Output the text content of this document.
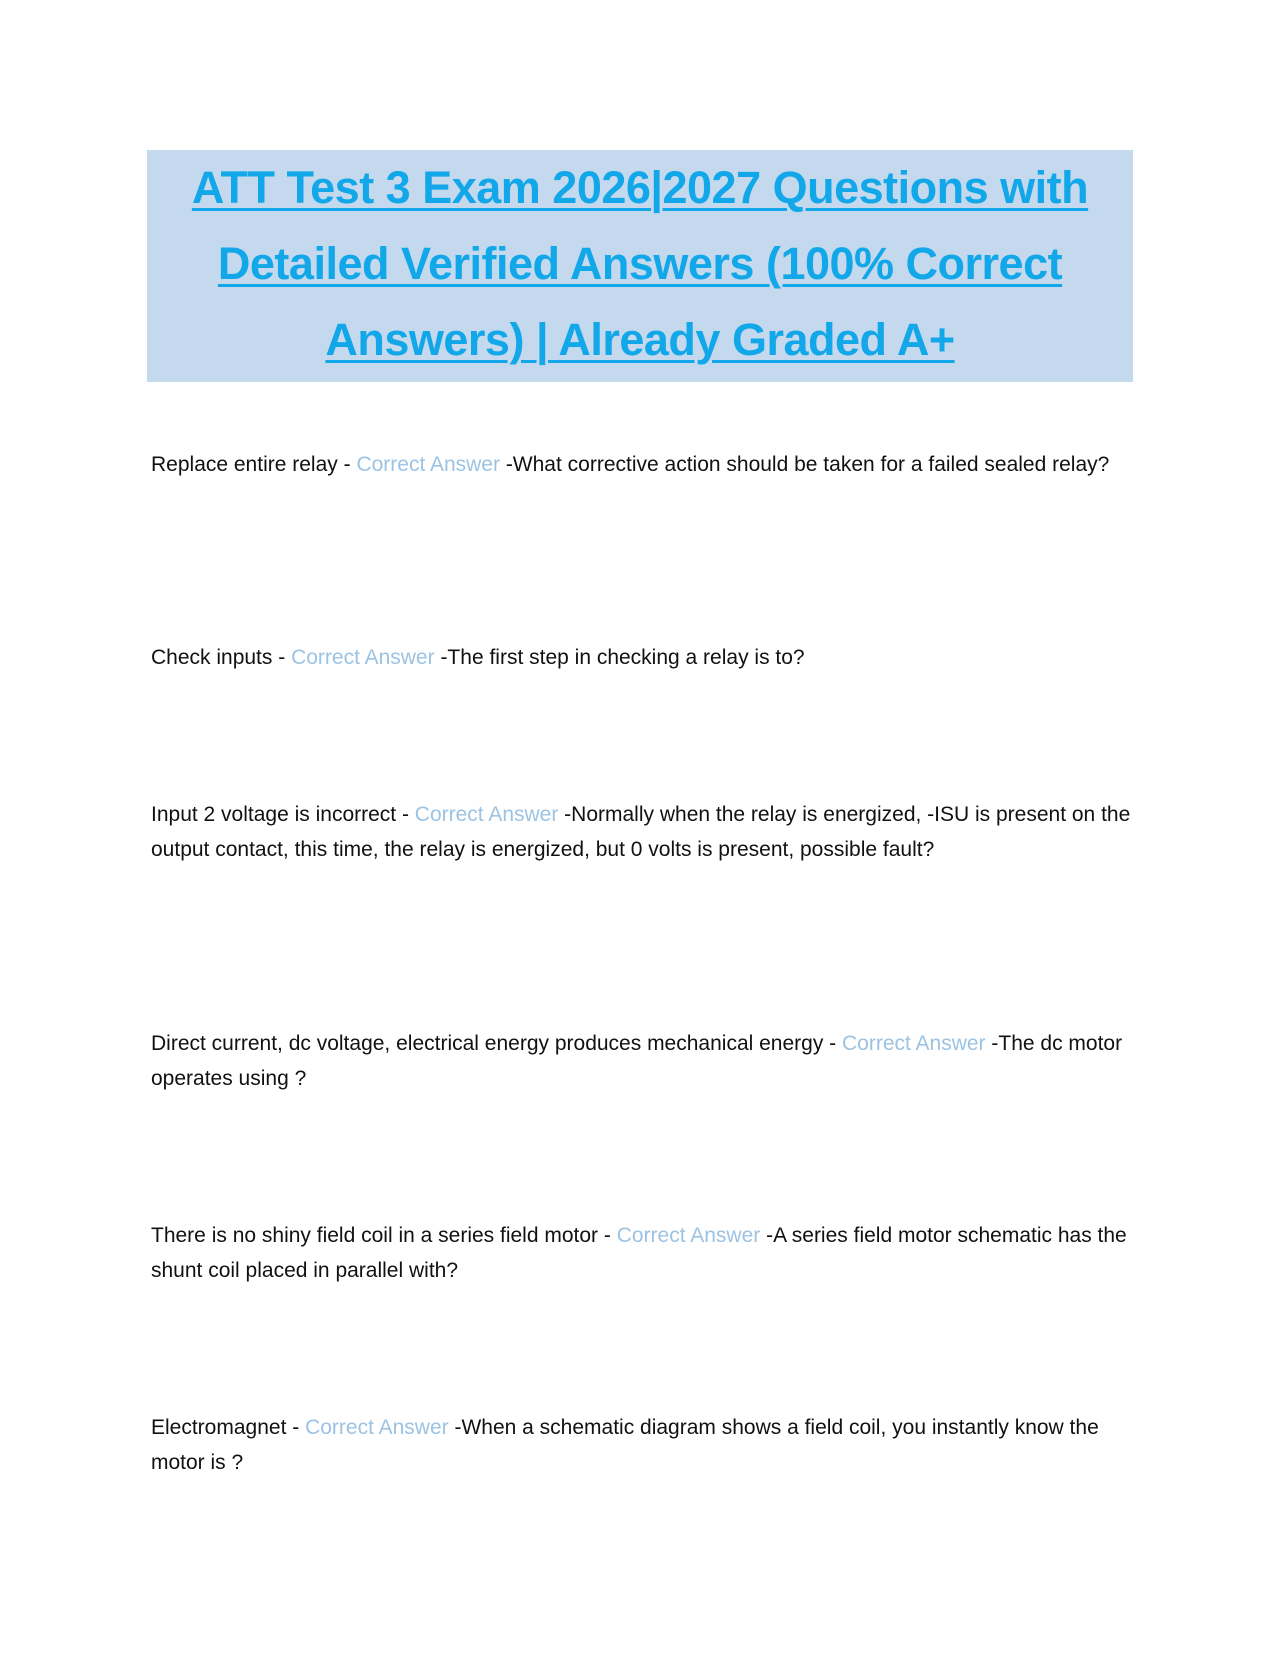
ATT Test 3 Exam 2026|2027 Questions with
Detailed Verified Answers (100% Correct
Answers) | Already Graded A+
Replace entire relay - Correct Answer -What corrective action should be taken for a failed sealed relay?
Check inputs - Correct Answer -The first step in checking a relay is to?
Input 2 voltage is incorrect - Correct Answer -Normally when the relay is energized, -ISU is present on the output contact, this time, the relay is energized, but 0 volts is present, possible fault?
Direct current, dc voltage, electrical energy produces mechanical energy - Correct Answer -The dc motor operates using ?
There is no shiny field coil in a series field motor - Correct Answer -A series field motor schematic has the shunt coil placed in parallel with?
Electromagnet - Correct Answer -When a schematic diagram shows a field coil, you instantly know the motor is ?
